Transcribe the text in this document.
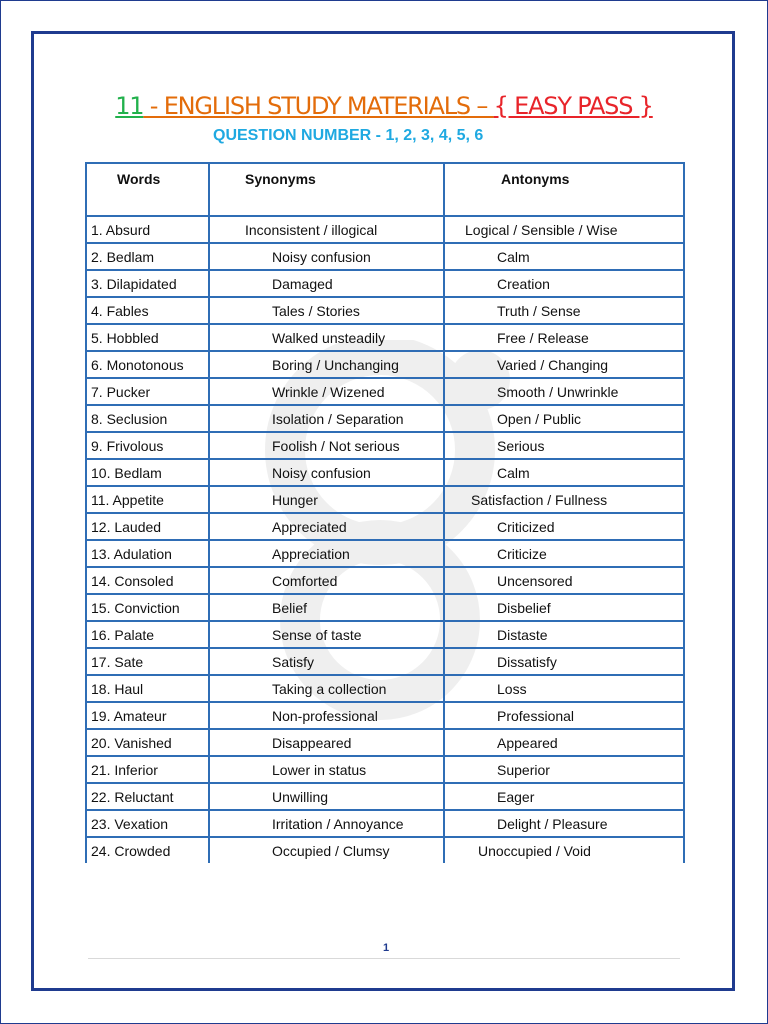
11 - ENGLISH STUDY MATERIALS – { EASY PASS }
QUESTION NUMBER - 1, 2, 3, 4, 5, 6
Words	Synonyms	Antonyms
1. Absurd	Inconsistent / illogical	Logical / Sensible / Wise
2. Bedlam	Noisy confusion	Calm
3. Dilapidated	Damaged	Creation
4. Fables	Tales / Stories	Truth / Sense
5. Hobbled	Walked unsteadily	Free / Release
6. Monotonous	Boring / Unchanging	Varied / Changing
7. Pucker	Wrinkle / Wizened	Smooth / Unwrinkle
8. Seclusion	Isolation / Separation	Open / Public
9. Frivolous	Foolish / Not serious	Serious
10. Bedlam	Noisy confusion	Calm
11. Appetite	Hunger	Satisfaction / Fullness
12. Lauded	Appreciated	Criticized
13. Adulation	Appreciation	Criticize
14. Consoled	Comforted	Uncensored
15. Conviction	Belief	Disbelief
16. Palate	Sense of taste	Distaste
17. Sate	Satisfy	Dissatisfy
18. Haul	Taking a collection	Loss
19. Amateur	Non-professional	Professional
20. Vanished	Disappeared	Appeared
21. Inferior	Lower in status	Superior
22. Reluctant	Unwilling	Eager
23. Vexation	Irritation / Annoyance	Delight / Pleasure
24. Crowded	Occupied / Clumsy	Unoccupied / Void
1
